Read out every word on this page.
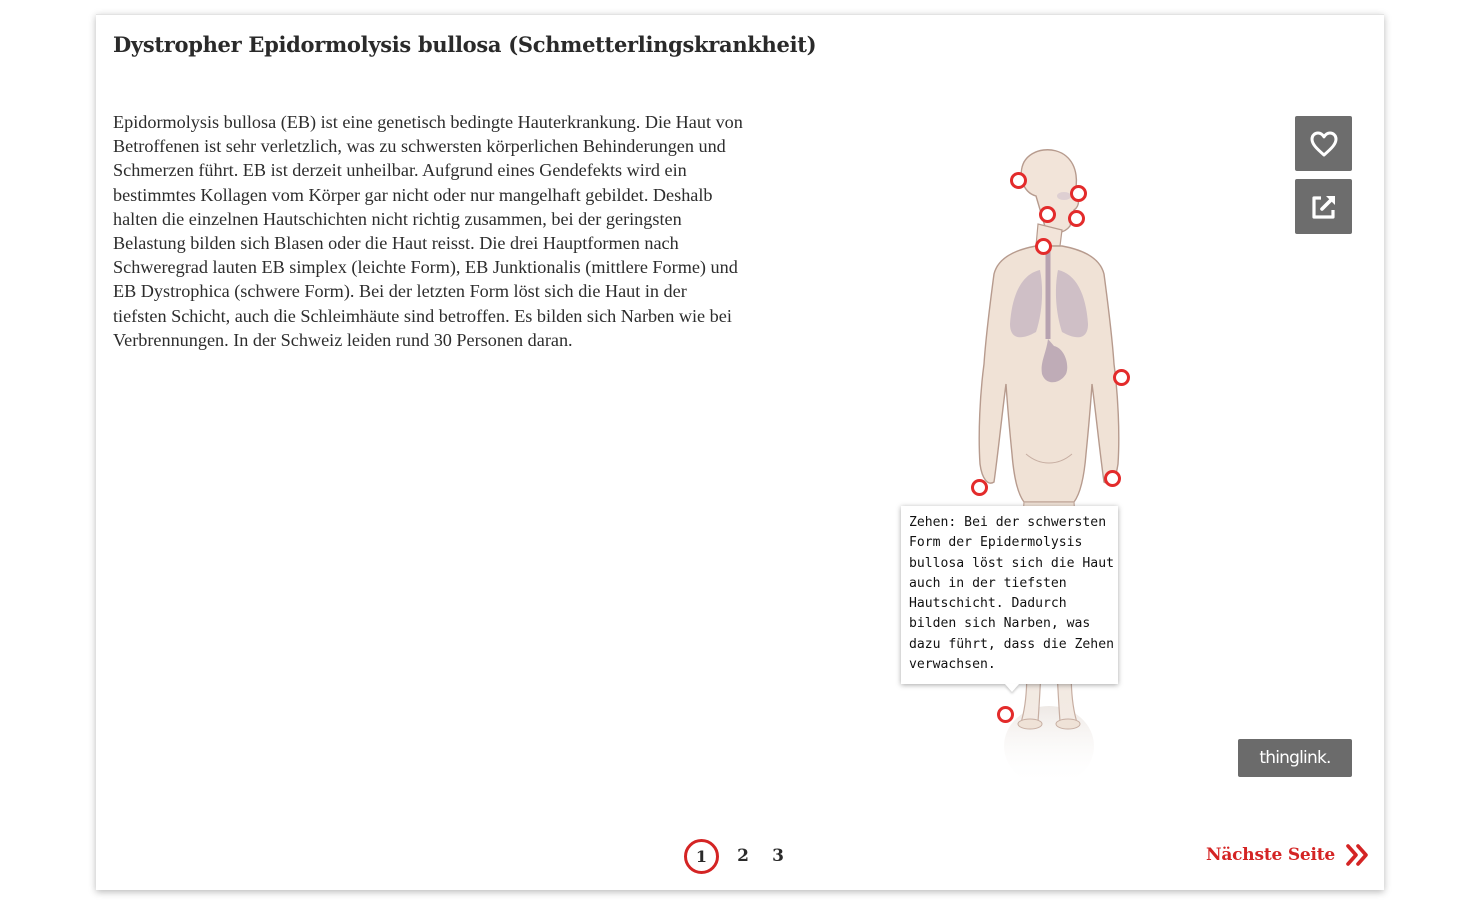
Dystropher Epidormolysis bullosa (Schmetterlingskrankheit)

Epidormolysis bullosa (EB) ist eine genetisch bedingte Hauterkrankung. Die Haut von Betroffenen ist sehr verletzlich, was zu schwersten körperlichen Behinderungen und Schmerzen führt. EB ist derzeit unheilbar. Aufgrund eines Gendefekts wird ein bestimmtes Kollagen vom Körper gar nicht oder nur mangelhaft gebildet. Deshalb halten die einzelnen Hautschichten nicht richtig zusammen, bei der geringsten Belastung bilden sich Blasen oder die Haut reisst. Die drei Hauptformen nach Schweregrad lauten EB simplex (leichte Form), EB Junktionalis (mittlere Forme) und EB Dystrophica (schwere Form). Bei der letzten Form löst sich die Haut in der tiefsten Schicht, auch die Schleimhäute sind betroffen. Es bilden sich Narben wie bei Verbrennungen. In der Schweiz leiden rund 30 Personen daran.

Zehen: Bei der schwersten Form der Epidermolysis bullosa löst sich die Haut auch in der tiefsten Hautschicht. Dadurch bilden sich Narben, was dazu führt, dass die Zehen verwachsen.

thinglink.
1	2 3	Nächste Seite
